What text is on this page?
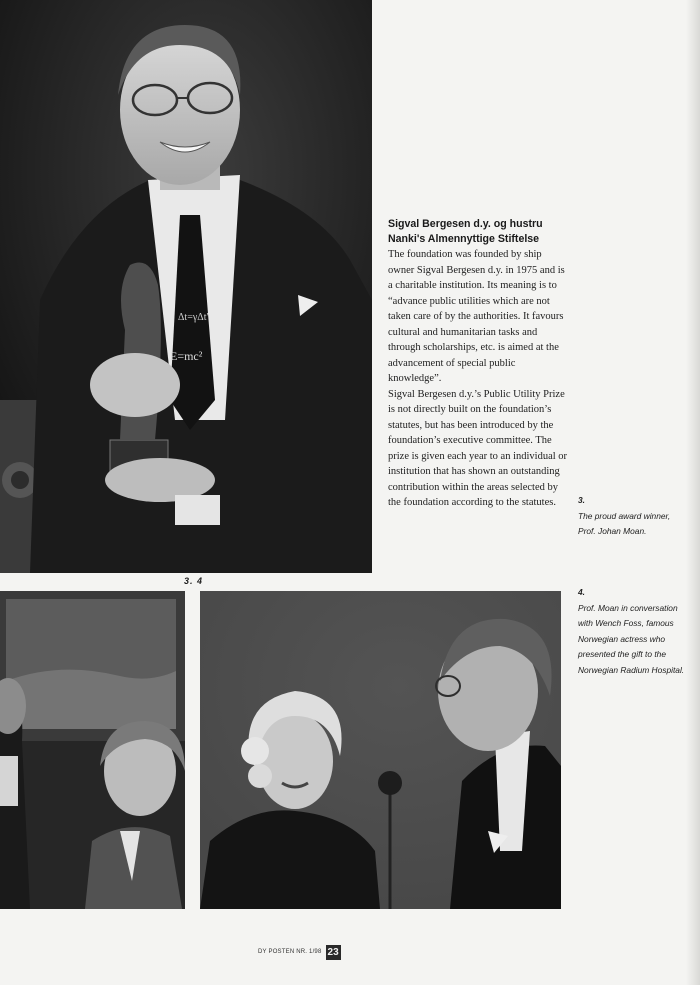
Δt=γΔt'
E=mc²
3. 4
Sigval Bergesen d.y. og hustru
Nanki's Almennyttige Stiftelse

The foundation was founded by ship owner Sigval Bergesen d.y. in 1975 and is a charitable institution. Its meaning is to “advance public utilities which are not taken care of by the authorities. It favours cultural and humanitarian tasks and through scholarships, etc. is aimed at the advancement of special public knowledge”.

Sigval Bergesen d.y.’s Public Utility Prize is not directly built on the foundation’s statutes, but has been introduced by the foundation’s executive committee. The prize is given each year to an individual or institution that has shown an outstanding contribution within the areas selected by the foundation according to the statutes.	3.
The proud award winner, Prof. Johan Moan.
4.
Prof. Moan in conversation with Wench Foss, famous Norwegian actress who presented the gift to the Norwegian Radium Hospital.
DY POSTEN NR. 1/98 23
